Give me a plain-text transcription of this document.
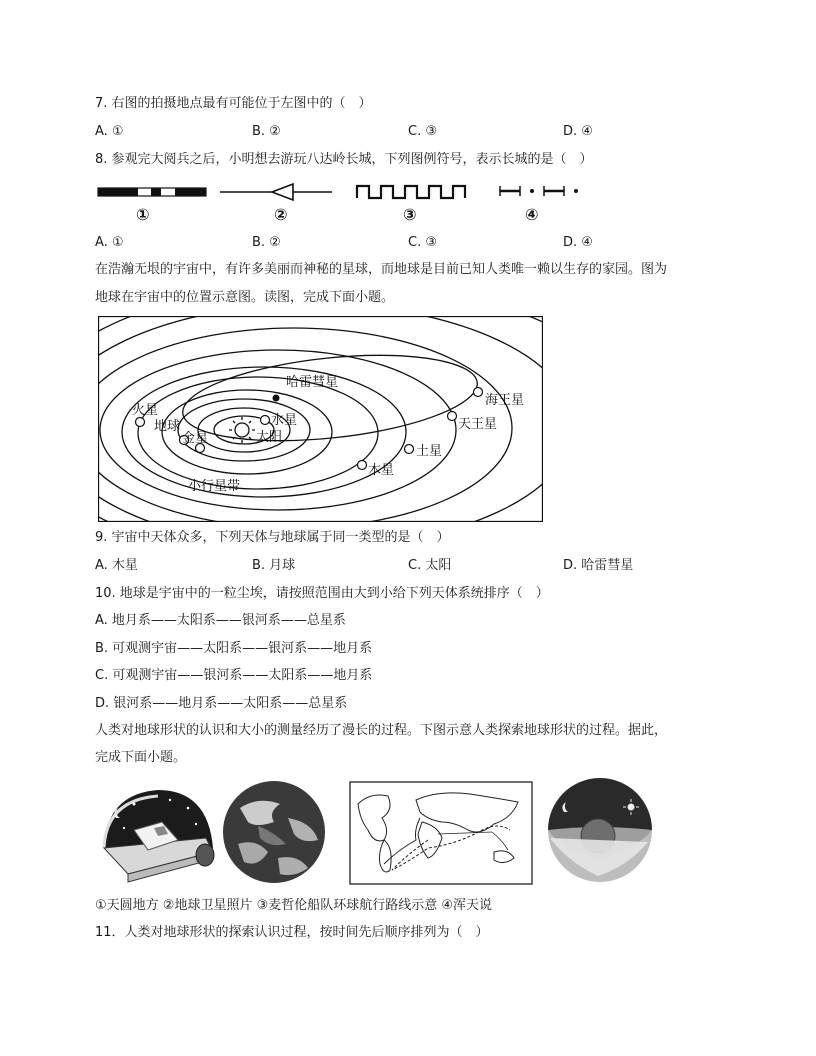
7. 右图的拍摄地点最有可能位于左图中的（　）
A. ①	B. ②	C. ③	D. ④
8. 参观完大阅兵之后，小明想去游玩八达岭长城，下列图例符号，表示长城的是（　）
①	②	③	④
A. ①	B. ②	C. ③	D. ④
在浩瀚无垠的宇宙中，有许多美丽而神秘的星球，而地球是目前已知人类唯一赖以生存的家园。图为
地球在宇宙中的位置示意图。读图，完成下面小题。
哈雷彗星
海王星
火星
地球	水星
金星	太阳
天王星
土星
木星
小行星带
9. 宇宙中天体众多，下列天体与地球属于同一类型的是（　）
A. 木星	B. 月球	C. 太阳	D. 哈雷彗星
10. 地球是宇宙中的一粒尘埃，请按照范围由大到小给下列天体系统排序（　）
A. 地月系——太阳系——银河系——总星系
B. 可观测宇宙——太阳系——银河系——地月系
C. 可观测宇宙——银河系——太阳系——地月系
D. 银河系——地月系——太阳系——总星系
人类对地球形状的认识和大小的测量经历了漫长的过程。下图示意人类探索地球形状的过程。据此，
完成下面小题。
①天圆地方 ②地球卫星照片 ③麦哲伦船队环球航行路线示意 ④浑天说
11．人类对地球形状的探索认识过程，按时间先后顺序排列为（　）
